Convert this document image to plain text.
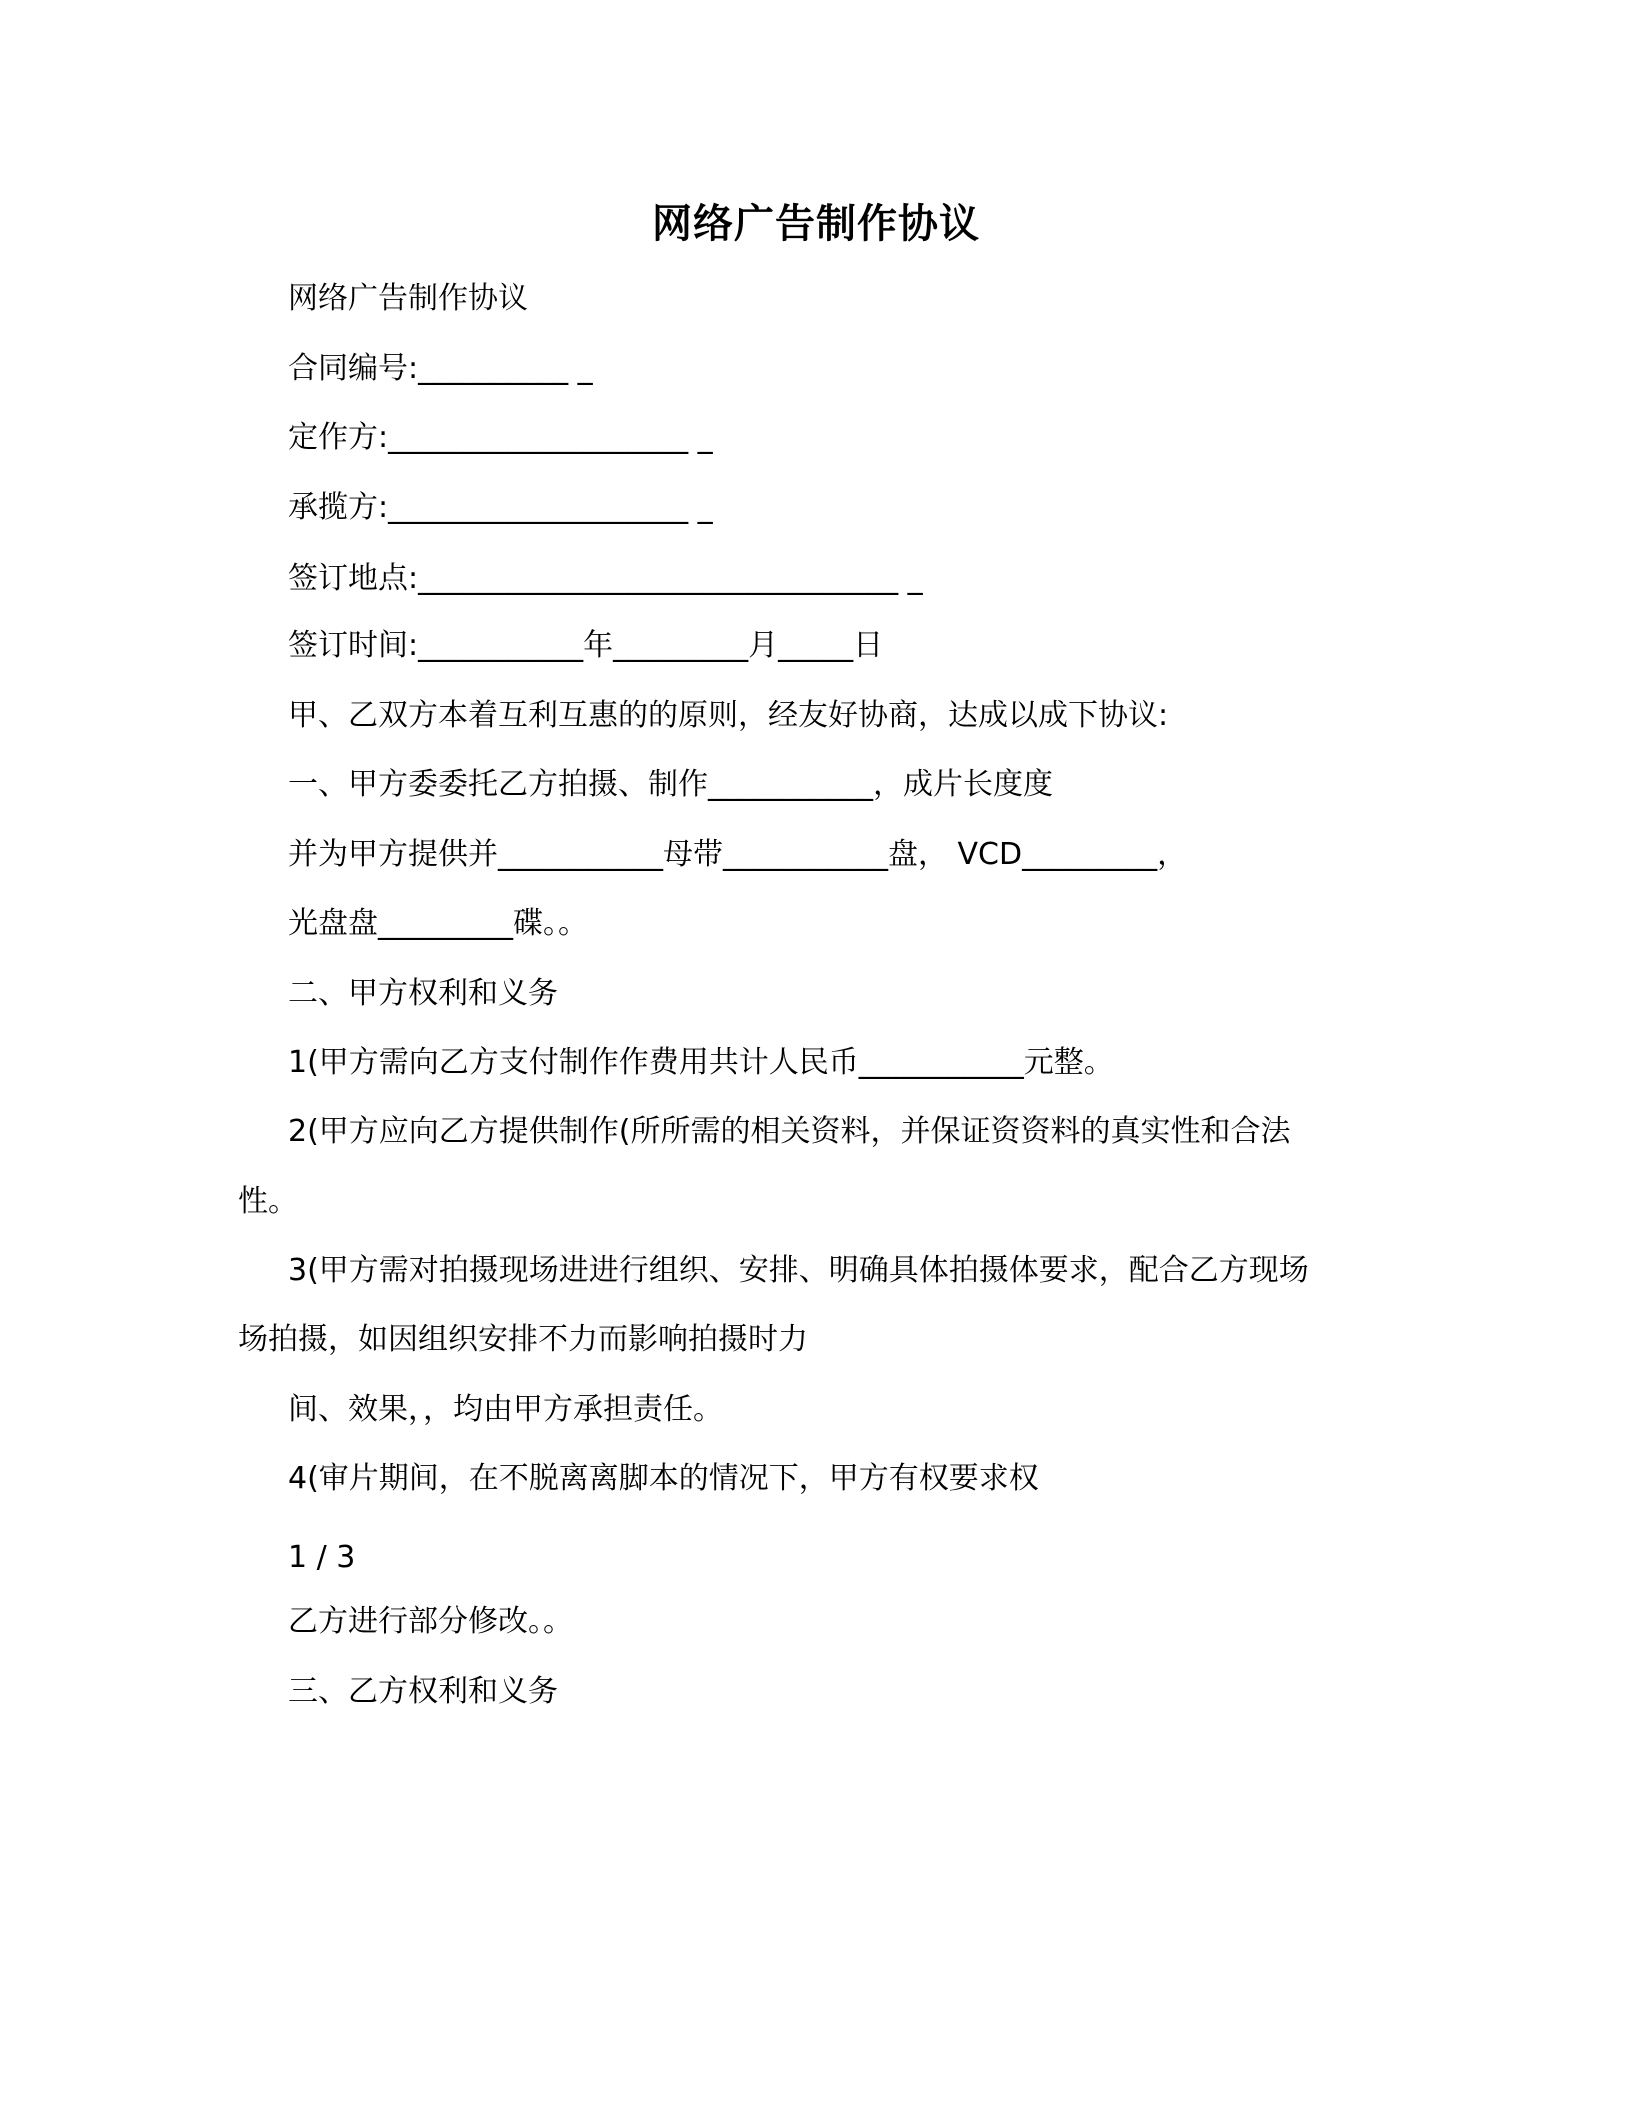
网络广告制作协议
网络广告制作协议
合同编号:__________ _
定作方:____________________ _
承揽方:____________________ _
签订地点:________________________________ _
签订时间:___________年_________月_____日
甲、乙双方本着互利互惠的的原则，经友好协商，达成以成下协议:
一、甲方委委托乙方拍摄、制作___________，成片长度度
并为甲方提供并___________母带___________盘， VCD_________，
光盘盘_________碟。。
二、甲方权利和义务
1(甲方需向乙方支付制作作费用共计人民币___________元整。
2(甲方应向乙方提供制作(所所需的相关资料，并保证资资料的真实性和合法
性。
3(甲方需对拍摄现场进进行组织、安排、明确具体拍摄体要求，配合乙方现场
场拍摄，如因组织安排不力而影响拍摄时力
间、效果，，均由甲方承担责任。
4(审片期间，在不脱离离脚本的情况下，甲方有权要求权
1 / 3
乙方进行部分修改。。
三、乙方权利和义务
